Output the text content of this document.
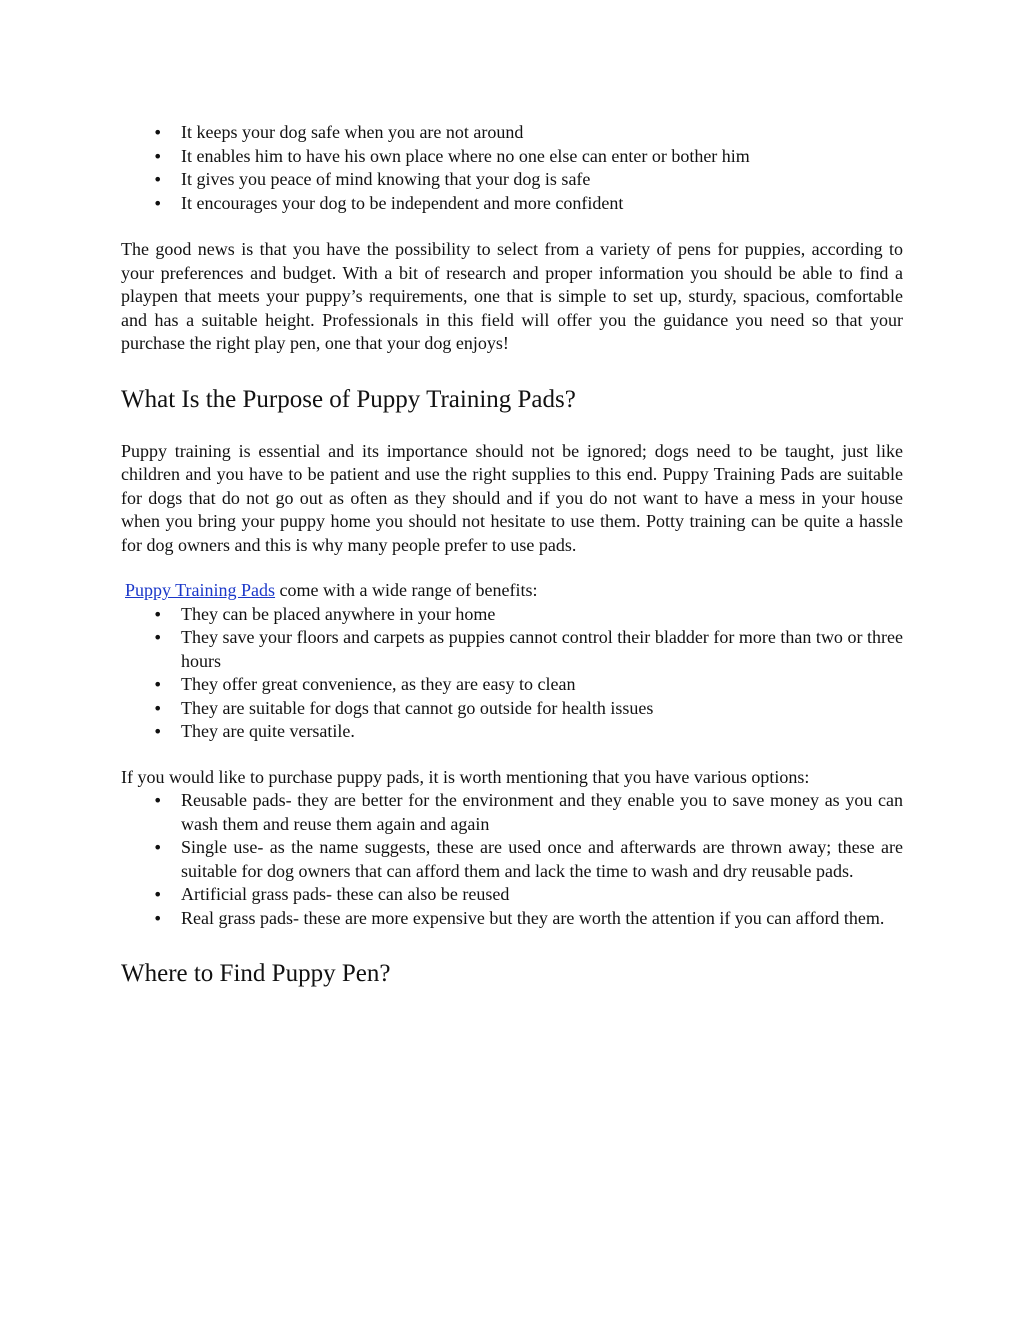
• It keeps your dog safe when you are not around
• It enables him to have his own place where no one else can enter or bother him
• It gives you peace of mind knowing that your dog is safe
• It encourages your dog to be independent and more confident

The good news is that you have the possibility to select from a variety of pens for puppies, according to your preferences and budget. With a bit of research and proper information you should be able to find a playpen that meets your puppy’s requirements, one that is simple to set up, sturdy, spacious, comfortable and has a suitable height. Professionals in this field will offer you the guidance you need so that your purchase the right play pen, one that your dog enjoys!

What Is the Purpose of Puppy Training Pads?

Puppy training is essential and its importance should not be ignored; dogs need to be taught, just like children and you have to be patient and use the right supplies to this end. Puppy Training Pads are suitable for dogs that do not go out as often as they should and if you do not want to have a mess in your house when you bring your puppy home you should not hesitate to use them. Potty training can be quite a hassle for dog owners and this is why many people prefer to use pads.

Puppy Training Pads come with a wide range of benefits:

• They can be placed anywhere in your home
• They save your floors and carpets as puppies cannot control their bladder for more than two or three hours
• They offer great convenience, as they are easy to clean
• They are suitable for dogs that cannot go outside for health issues
• They are quite versatile.

If you would like to purchase puppy pads, it is worth mentioning that you have various options:

• Reusable pads- they are better for the environment and they enable you to save money as you can wash them and reuse them again and again
• Single use- as the name suggests, these are used once and afterwards are thrown away; these are suitable for dog owners that can afford them and lack the time to wash and dry reusable pads.
• Artificial grass pads- these can also be reused
• Real grass pads- these are more expensive but they are worth the attention if you can afford them.
Where to Find Puppy Pen?
